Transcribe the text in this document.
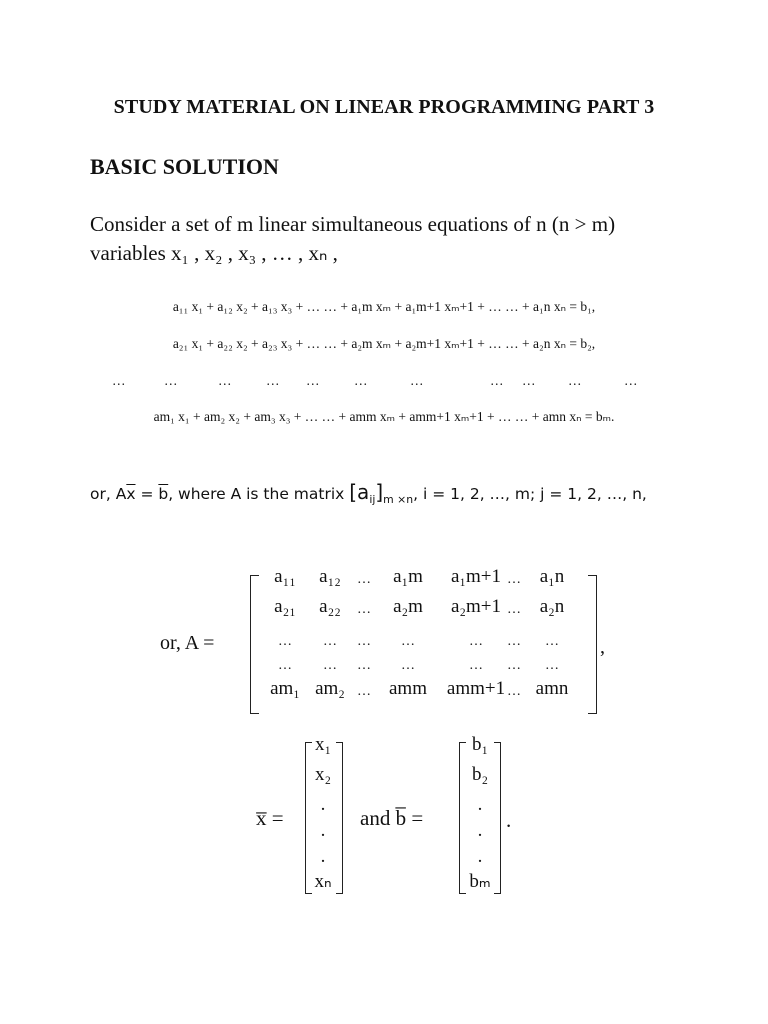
STUDY MATERIAL ON LINEAR PROGRAMMING PART 3
BASIC SOLUTION
Consider a set of m linear simultaneous equations of n (n > m)
variables x₁ , x₂ , x₃ , … , xₙ ,
a₁₁ x₁ + a₁₂ x₂ + a₁₃ x₃ + … … + a₁m xₘ + a₁m+1 xₘ+1 + … … + a₁n xₙ = b₁,
a₂₁ x₁ + a₂₂ x₂ + a₂₃ x₃ + … … + a₂m xₘ + a₂m+1 xₘ+1 + … … + a₂n xₙ = b₂,
…	…	…	… …	…	…	… … …	…
am₁ x₁ + am₂ x₂ + am₃ x₃ + … … + amm xₘ + amm+1 xₘ+1 + … … + amn xₙ = bₘ.
or, $A\overline{x} = \overline{b}$, where A is the matrix $[a_{ij}]_{m \times n}$, i = 1, 2, …, m; j = 1, 2, …, n,
or, A =
a₁₁ a₁₂ … a₁m a₁m+1 … a₁n
a₂₁ a₂₂ … a₂m a₂m+1 … a₂n
… … … …	… … …
… … … …	… … …
am₁ am₂ … amm amm+1 … amn
,
x̅ =
x₁
x₂
.
.
.
xₙ
and b̅ =
b₁
b₂
.
.
.
bₘ
.
